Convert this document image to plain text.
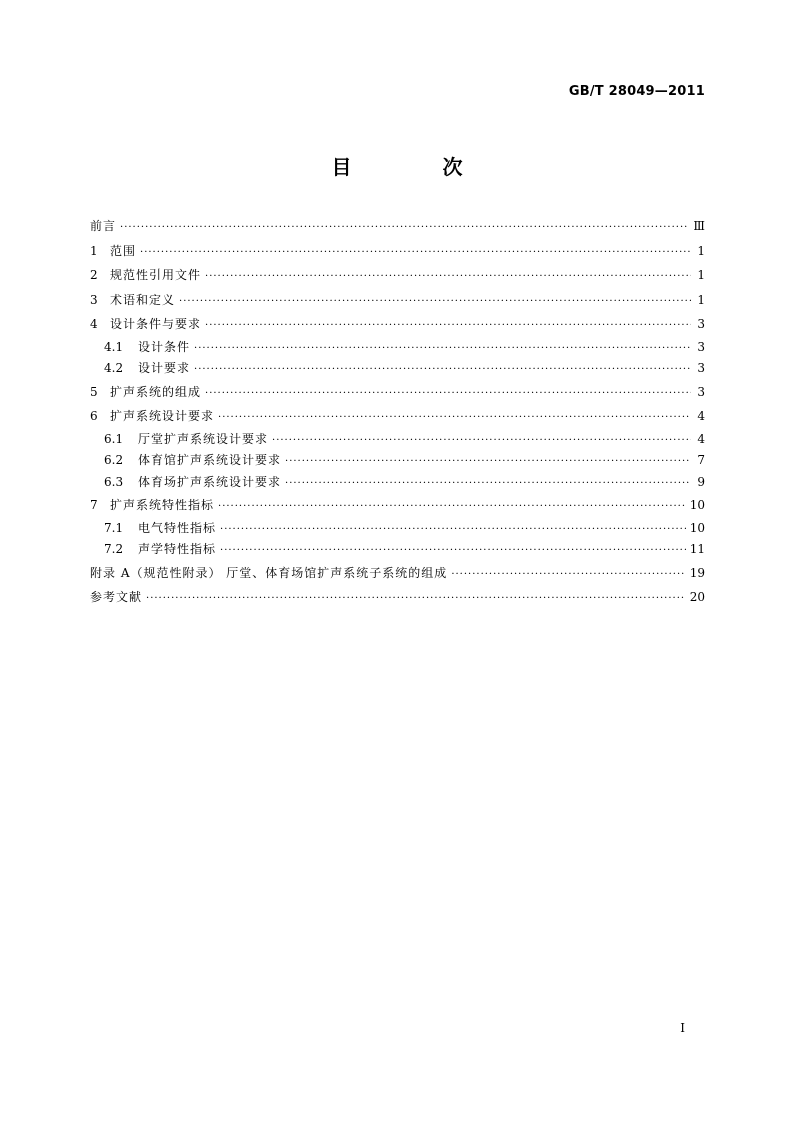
GB/T 28049—2011
目 次
前言 ·····	Ⅲ
1	范围 ·····	1
2	规范性引用文件 ·····	1
3	术语和定义 ·····	1
4	设计条件与要求 ·····	3
4.1	设计条件 ·····	3
4.2	设计要求 ·····	3
5	扩声系统的组成 ·····	3
6	扩声系统设计要求 ·····	4
6.1	厅堂扩声系统设计要求 ·····	4
6.2	体育馆扩声系统设计要求 ·····	7
6.3	体育场扩声系统设计要求 ·····	9
7	扩声系统特性指标 ·····	10
7.1	电气特性指标 ·····	10
7.2	声学特性指标 ·····	11
附录 A（规范性附录） 厅堂、体育场馆扩声系统子系统的组成 ·····	19
参考文献 ·····	20
I
